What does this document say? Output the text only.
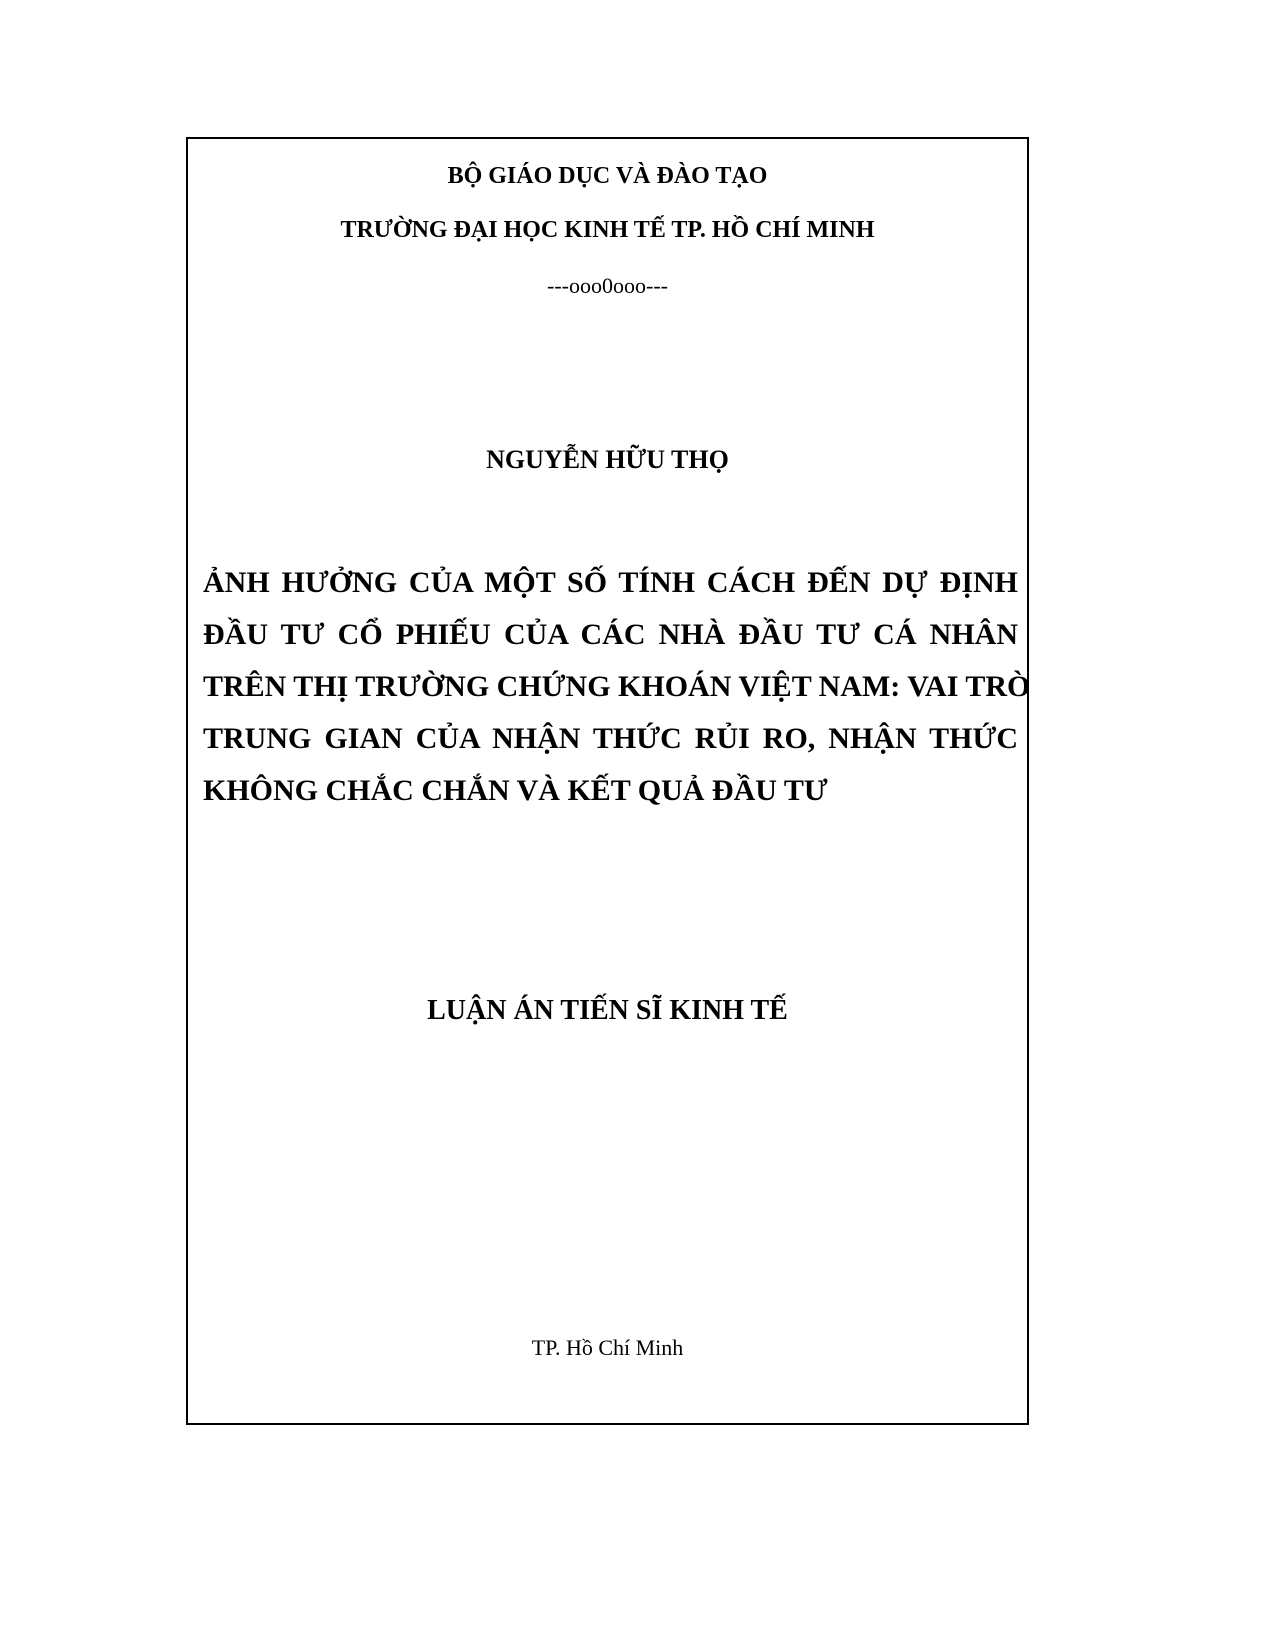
BỘ GIÁO DỤC VÀ ĐÀO TẠO
TRƯỜNG ĐẠI HỌC KINH TẾ TP. HỒ CHÍ MINH
---ooo0ooo---
NGUYỄN HỮU THỌ
ẢNH HƯỞNG CỦA MỘT SỐ TÍNH CÁCH ĐẾN DỰ ĐỊNH
ĐẦU TƯ CỔ PHIẾU CỦA CÁC NHÀ ĐẦU TƯ CÁ NHÂN
TRÊN THỊ TRƯỜNG CHỨNG KHOÁN VIỆT NAM: VAI TRÒ
TRUNG GIAN CỦA NHẬN THỨC RỦI RO, NHẬN THỨC
KHÔNG CHẮC CHẮN VÀ KẾT QUẢ ĐẦU TƯ
LUẬN ÁN TIẾN SĨ KINH TẾ
TP. Hồ Chí Minh
